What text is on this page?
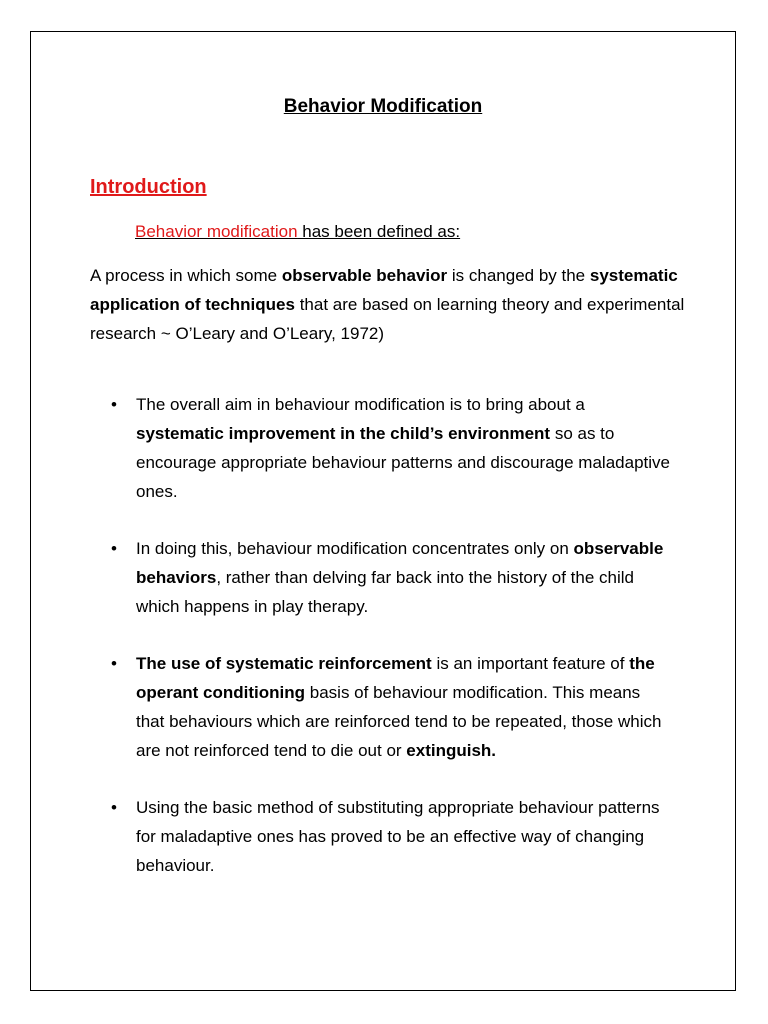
Behavior Modification
Introduction
Behavior modification has been defined as:
A process in which some observable behavior is changed by the systematic application of techniques that are based on learning theory and experimental research ~ O’Leary and O’Leary, 1972)
• The overall aim in behaviour modification is to bring about a systematic improvement in the child’s environment so as to encourage appropriate behaviour patterns and discourage maladaptive ones.
• In doing this, behaviour modification concentrates only on observable behaviors, rather than delving far back into the history of the child which happens in play therapy.
• The use of systematic reinforcement is an important feature of the operant conditioning basis of behaviour modification. This means that behaviours which are reinforced tend to be repeated, those which are not reinforced tend to die out or extinguish.
• Using the basic method of substituting appropriate behaviour patterns for maladaptive ones has proved to be an effective way of changing behaviour.
